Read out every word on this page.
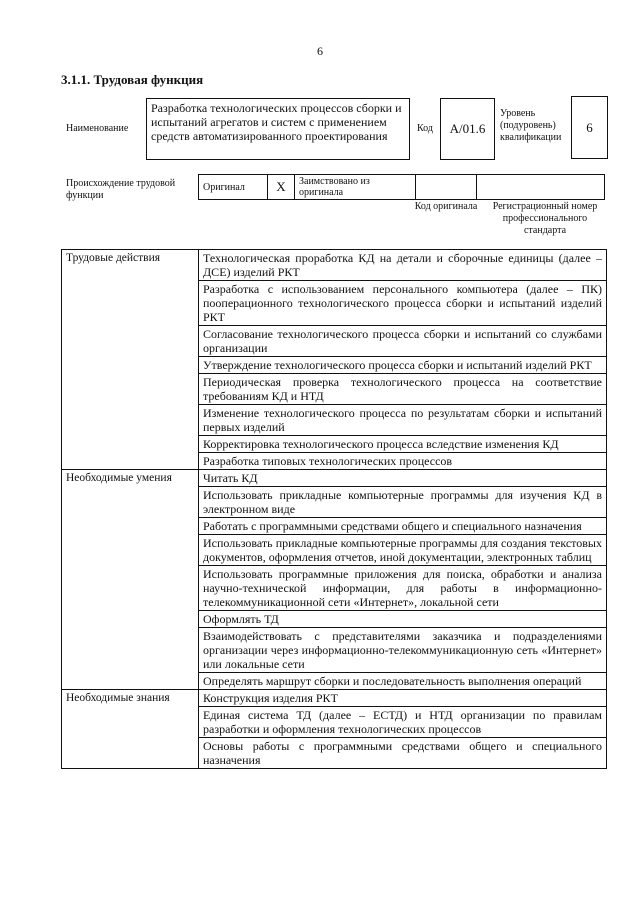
6
3.1.1. Трудовая функция
Наименование
Разработка технологических процессов сборки и испытаний агрегатов и систем с применением средств автоматизированного проектирования
Код	A/01.6
Уровень (подуровень) квалификации
6
Происхождение трудовой функции
Оригинал	X	Заимствовано из оригинала		
Код оригинала	Регистрационный номер профессионального стандарта
Трудовые действия	Технологическая проработка КД на детали и сборочные единицы (далее – ДСЕ) изделий РКТ
	Разработка с использованием персонального компьютера (далее – ПК) пооперационного технологического процесса сборки и испытаний изделий РКТ
	Согласование технологического процесса сборки и испытаний со службами организации
	Утверждение технологического процесса сборки и испытаний изделий РКТ
	Периодическая проверка технологического процесса на соответствие требованиям КД и НТД
	Изменение технологического процесса по результатам сборки и испытаний первых изделий
	Корректировка технологического процесса вследствие изменения КД
	Разработка типовых технологических процессов
Необходимые умения	Читать КД
	Использовать прикладные компьютерные программы для изучения КД в электронном виде
	Работать с программными средствами общего и специального назначения
	Использовать прикладные компьютерные программы для создания текстовых документов, оформления отчетов, иной документации, электронных таблиц
	Использовать программные приложения для поиска, обработки и анализа научно-технической информации, для работы в информационно-телекоммуникационной сети «Интернет», локальной сети
	Оформлять ТД
	Взаимодействовать с представителями заказчика и подразделениями организации через информационно-телекоммуникационную сеть «Интернет» или локальные сети
	Определять маршрут сборки и последовательность выполнения операций
Необходимые знания	Конструкция изделия РКТ
	Единая система ТД (далее – ЕСТД) и НТД организации по правилам разработки и оформления технологических процессов
	Основы работы с программными средствами общего и специального назначения
